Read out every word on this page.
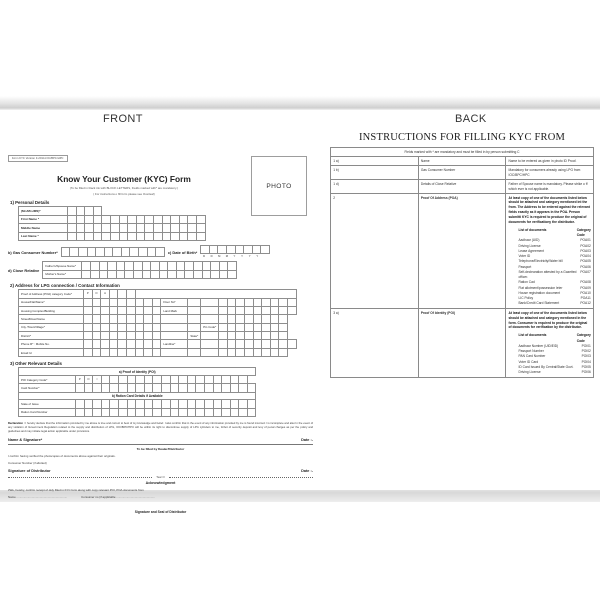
FRONT	BACK
Form KYC Version 3-2014-IOC/BPC/HPC
PHOTO
Know Your Customer (KYC) Form
(To be filled in black ink with BLOCK LETTERS, Fields marked with* are mandatory.)
( For instructions o fill form please see Overleaf)
1) Personal Details
(Mr./Mrs/MS)*																
First Name *																
Middle Name																
Last Name *																
b) Gas Consumer Number*
												c) Date of Birth*

D	D	M	M	Y	Y	Y	Y
d) Close Relative
Father's/Spouse Name*																		
Mother's Name*																		
2) Address for LPG connection / Contact Information
Proof of Address (POA) category Code*	P	O	A																		
House/Flat/Name*										Floor No*											
Housing Complex/Building										Land Mark											
Street/Road Name																					
City /Town/Village*												Pin Code*									
District*											State*										
Phone R* : Mobile No.										Landline*											
Email Id																					
3) Other Relevant Details
a) Proof of Identity (POI)																					
POI Category Code*	P	O	I																		
Card Number*																					
b) Ration Card Details if Available																					
State of Issue																					
Ration Card Number																					
Declaration : I hereby declare that the information provided by me above is true and correct to best of my knowledge and belief. I also confirm that in the event of any information provided by me is found incorrect / is incomplete and also In the event of any violation of Government Regulation related to the supply and distribution of LPG, IOC/BPC/HPC will be within its right to discontinue supply of LPG cylinders to me, forfeit of security deposit and levy of penal charges as per the policy and guidelines and may initiate legal action applicable under provisions.
Name & Signature*	Date :-
To be filled by Dealer/Distributor
I confirm having verified the photocopies of documents above against their originals.
Consumer Number (if allotted)
Signature of Distributor	Date :-
Tear O
Acknowledgment
I/We, hereby, confirm receipt of duly filled in KYC form along with copy relevant POI, POA documents from
Name ...............................................................	Consumer no (if applicable ................................................
Signature and Seal of Distributor
INSTRUCTIONS FOR FILLING KYC FROM
Fields marked with * are mandatory and must be filled in by person submitting C		
1 a)	Name	Name to be entered as given in photo ID Proof.
1 b)	Gas Consumer Number	Mandatory for consumers already using LPG from IOC/BPC/HPC
1 d)	Details of Close Relative	Father of Spouse name is mandatory. Please strike o ff which ever is not applicable.
2	Proof Of Address (POA)	At least copy of one of the documents listed below should be attached and category mentioned int the from. The Address to be entered against the relevant fields exactly as it appears in the POA. Person submitti KYC is required to produce the original of documents for verificationy the distributor.
List of documents	Category Code
Aadhaar (UID)	POA01
Driving License	POA02
Lease Agreement	POA03
Voter ID	POA04
Telephone/Electricity/Water bill	POA05
Passport	POA06
Self-declearation attested by a Gazetted officer.
POA07
Ration Cad	POA08
Flat allotment/possession leter	POA09
House registration document	POA10
LIC Policy	POA11
Bank/Credit Card Statement	POA12

3 a)	Proof Of Identity (POI)	At least copy of one of the documents listed below should be attached and category mentioned in the form. Consumer is required to produce the original of documents for verification by the distributor.
List of documents	Category Code
Aadhaar Number (UID/EID)	POI01
Passport Number	POI02
PAN Card Number	POI03
Voter ID Card	POI04
ID Card Issued By Central/State Govt.	POI05
Driving License	POI06
